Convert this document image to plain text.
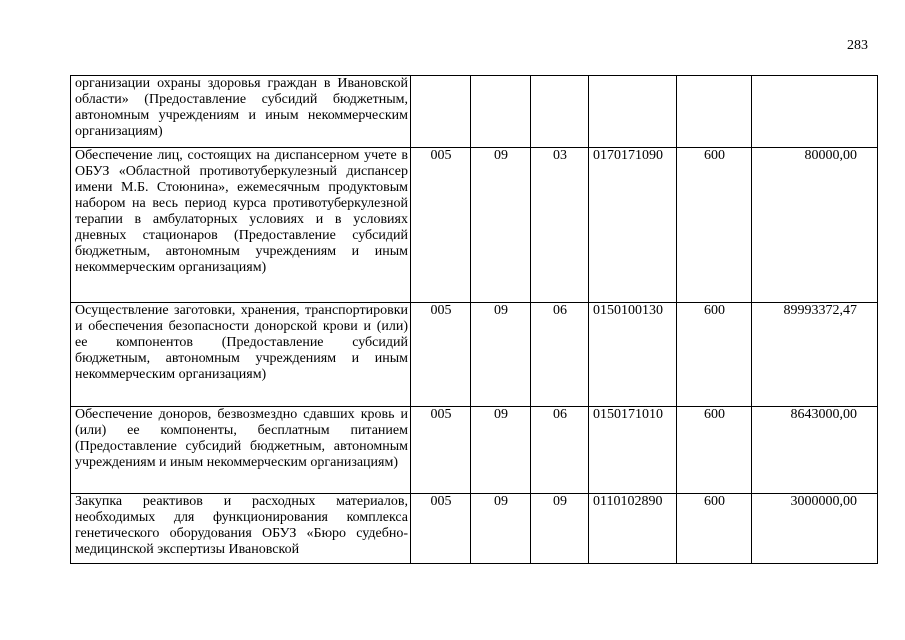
283
организации охраны здоровья граждан в Ивановской области» (Предоставление субсидий бюджетным, автономным учреждениям и иным некоммерческим организациям)						
Обеспечение лиц, состоящих на диспансерном учете в ОБУЗ «Областной противотуберкулезный диспансер имени М.Б. Стоюнина», ежемесячным продуктовым набором на весь период курса противотуберкулезной терапии в амбулаторных условиях и в условиях дневных стационаров (Предоставление субсидий бюджетным, автономным учреждениям и иным некоммерческим организациям)	005	09	03	0170171090	600	80000,00
Осуществление заготовки, хранения, транспортировки и обеспечения безопасности донорской крови и (или) ее компонентов (Предоставление субсидий бюджетным, автономным учреждениям и иным некоммерческим организациям)	005	09	06	0150100130	600	89993372,47
Обеспечение доноров, безвозмездно сдавших кровь и (или) ее компоненты, бесплатным питанием (Предоставление субсидий бюджетным, автономным учреждениям и иным некоммерческим организациям)	005	09	06	0150171010	600	8643000,00
Закупка реактивов и расходных материалов, необходимых для функционирования комплекса генетического оборудования ОБУЗ «Бюро судебно-медицинской экспертизы Ивановской	005	09	09	0110102890	600	3000000,00
